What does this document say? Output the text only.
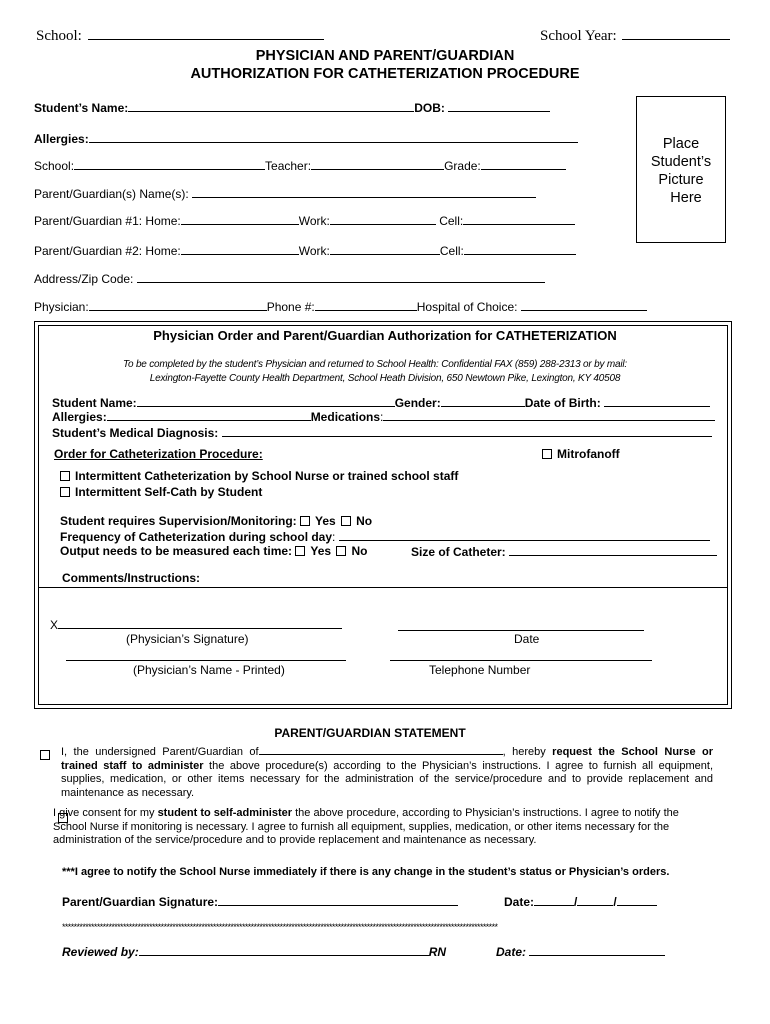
School:	School Year:
PHYSICIAN AND PARENT/GUARDIAN
AUTHORIZATION FOR CATHETERIZATION PROCEDURE
Place
Student’s
Picture
Here
Student’s Name:	DOB:
Allergies:
School:	Teacher:	Grade:
Parent/Guardian(s) Name(s):
Parent/Guardian #1: Home:	Work:	Cell:
Parent/Guardian #2: Home:	Work:	Cell:
Address/Zip Code:
Physician:	Phone #:	Hospital of Choice:
Physician Order and Parent/Guardian Authorization for CATHETERIZATION
To be completed by the student’s Physician and returned to School Health: Confidential FAX (859) 288-2313 or by mail:
Lexington-Fayette County Health Department, School Heath Division, 650 Newtown Pike, Lexington, KY 40508
Student Name:	Gender:	Date of Birth:
Allergies:	Medications:
Student’s Medical Diagnosis:
Order for Catheterization Procedure:	Mitrofanoff
Intermittent Catheterization by School Nurse or trained school staff
Intermittent Self-Cath by Student
Student requires Supervision/Monitoring: Yes No
Frequency of Catheterization during school day:
Output needs to be measured each time: Yes No	Size of Catheter:
Comments/Instructions:
X
(Physician’s Signature)	Date
(Physician’s Name - Printed)	Telephone Number
PARENT/GUARDIAN STATEMENT

I, the undersigned Parent/Guardian of	, hereby request the School Nurse or trained staff to administer the above procedure(s) according to the Physician’s instructions. I agree to furnish all equipment, supplies, medication, or other items necessary for the administration of the service/procedure and to provide replacement and maintenance as necessary.
I give consent for my student to self-administer the above procedure, according to Physician’s instructions. I agree to notify the School Nurse if monitoring is necessary. I agree to furnish all equipment, supplies, medication, or other items necessary for the administration of the service/procedure and to provide replacement and maintenance as necessary.
***I agree to notify the School Nurse immediately if there is any change in the student’s status or Physician’s orders.
Parent/Guardian Signature:	Date:	/	/
******************************************************************************************************************************************************
Reviewed by:	RN	Date:
